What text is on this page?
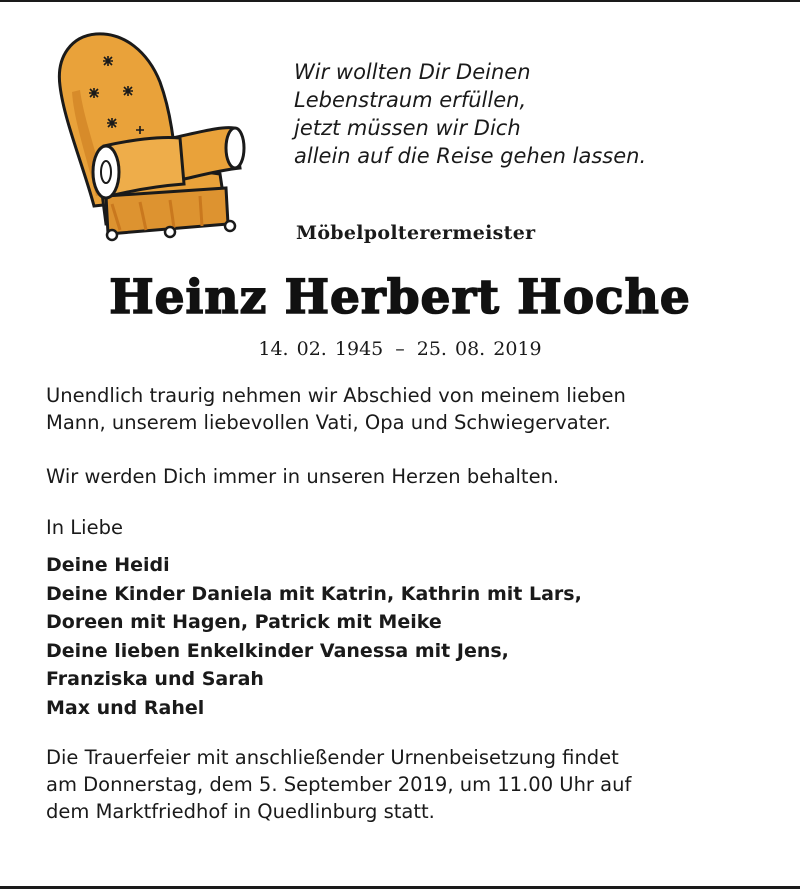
Wir wollten Dir Deinen
Lebenstraum erfüllen,
jetzt müssen wir Dich
allein auf die Reise gehen lassen.

Möbelpolterermeister

Heinz Herbert Hoche

14. 02. 1945 – 25. 08. 2019

Unendlich traurig nehmen wir Abschied von meinem lieben
Mann, unserem liebevollen Vati, Opa und Schwiegervater.

Wir werden Dich immer in unseren Herzen behalten.

In Liebe

Deine Heidi
Deine Kinder Daniela mit Katrin, Kathrin mit Lars,
Doreen mit Hagen, Patrick mit Meike
Deine lieben Enkelkinder Vanessa mit Jens,
Franziska und Sarah
Max und Rahel

Die Trauerfeier mit anschließender Urnenbeisetzung findet
am Donnerstag, dem 5. September 2019, um 11.00 Uhr auf
dem Marktfriedhof in Quedlinburg statt.
